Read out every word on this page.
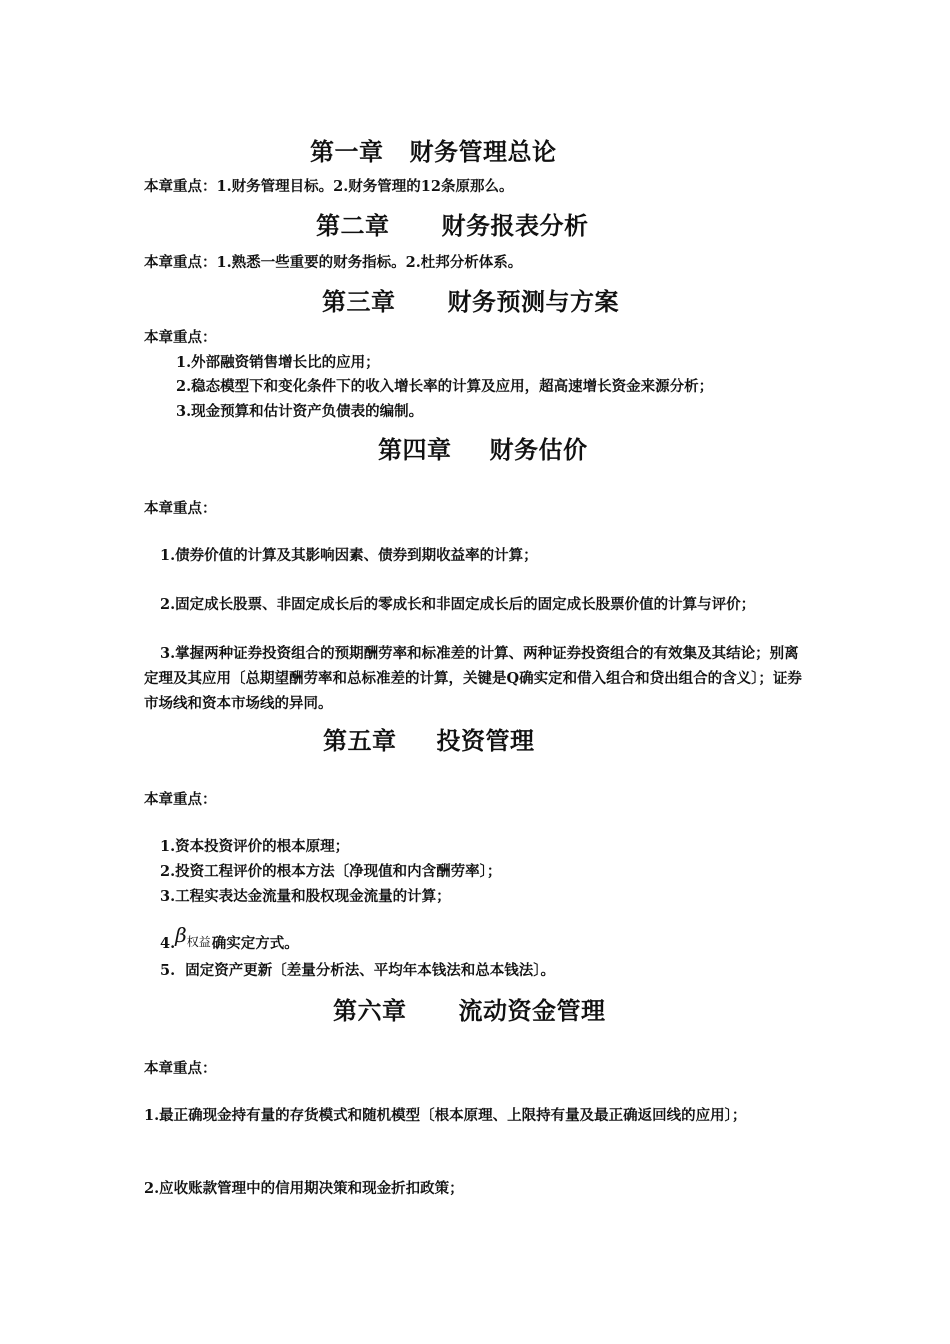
第一章 财务管理总论
本章重点：1.财务管理目标。2.财务管理的12条原那么。
第二章 财务报表分析
本章重点：1.熟悉一些重要的财务指标。2.杜邦分析体系。
第三章 财务预测与方案
本章重点：
1.外部融资销售增长比的应用；
2.稳态模型下和变化条件下的收入增长率的计算及应用，超高速增长资金来源分析；
3.现金预算和估计资产负债表的编制。
第四章 财务估价
本章重点：
1.债券价值的计算及其影响因素、债券到期收益率的计算；
2.固定成长股票、非固定成长后的零成长和非固定成长后的固定成长股票价值的计算与评价；
3.掌握两种证券投资组合的预期酬劳率和标准差的计算、两种证券投资组合的有效集及其结论；别离定理及其应用〔总期望酬劳率和总标准差的计算，关键是Q确实定和借入组合和贷出组合的含义〕；证券市场线和资本市场线的异同。
第五章 投资管理
本章重点：
1.资本投资评价的根本原理；
2.投资工程评价的根本方法〔净现值和内含酬劳率〕；
3.工程实表达金流量和股权现金流量的计算；
4.β权益确实定方式。
5.  固定资产更新〔差量分析法、平均年本钱法和总本钱法〕。
第六章 流动资金管理
本章重点：
1.最正确现金持有量的存货模式和随机模型〔根本原理、上限持有量及最正确返回线的应用〕；
2.应收账款管理中的信用期决策和现金折扣政策；
